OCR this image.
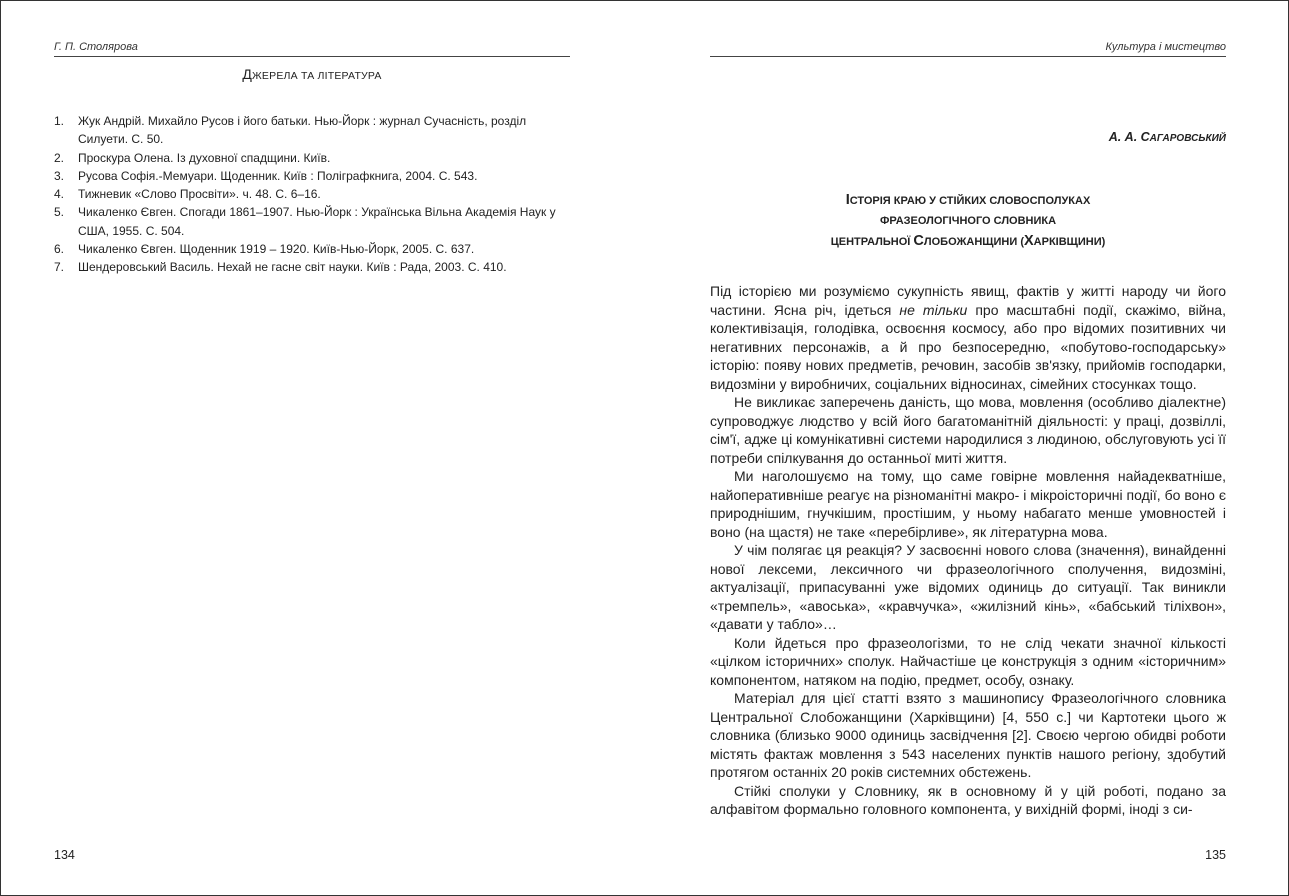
Г. П. Столярова
ДЖЕРЕЛА ТА ЛІТЕРАТУРА
1.	Жук Андрій. Михайло Русов і його батьки. Нью-Йорк : журнал Сучасність, розділ Силуети. С. 50.
2.	Проскура Олена. Із духовної спадщини. Київ.
3.	Русова Софія.-Мемуари. Щоденник. Київ : Поліграфкнига, 2004. С. 543.
4.	Тижневик «Слово Просвіти». ч. 48. С. 6–16.
5.	Чикаленко Євген. Спогади 1861–1907. Нью-Йорк : Українська Вільна Академія Наук у США, 1955. С. 504.
6.	Чикаленко Євген. Щоденник 1919 – 1920. Київ-Нью-Йорк, 2005. С. 637.
7.	Шендеровський Василь. Нехай не гасне світ науки. Київ : Рада, 2003. С. 410.
134
Культура і мистецтво
А. А. САГАРОВСЬКИЙ
ІСТОРІЯ КРАЮ У СТІЙКИХ СЛОВОСПОЛУКАХ
ФРАЗЕОЛОГІЧНОГО СЛОВНИКА
ЦЕНТРАЛЬНОЇ СЛОБОЖАНЩИНИ (ХАРКІВЩИНИ)

Під історією ми розуміємо сукупність явищ, фактів у житті народу чи його частини. Ясна річ, ідеться не тільки про масштабні події, скажімо, війна, колективізація, голодівка, освоєння космосу, або про відомих позитивних чи негативних персонажів, а й про безпосередню, «побутово-господарську» історію: появу нових предметів, речовин, засобів зв'язку, прийомів господарки, видозміни у виробничих, соціальних відносинах, сімейних стосунках тощо.

Не викликає заперечень даність, що мова, мовлення (особливо діалектне) супроводжує людство у всій його багатоманітній діяльності: у праці, дозвіллі, сім'ї, адже ці комунікативні системи народилися з людиною, обслуговують усі її потреби спілкування до останньої миті життя.

Ми наголошуємо на тому, що саме говірне мовлення найадекватніше, найоперативніше реагує на різноманітні макро- і мікроісторичні події, бо воно є природнішим, гнучкішим, простішим, у ньому набагато менше умовностей і воно (на щастя) не таке «перебірливе», як літературна мова.

У чім полягає ця реакція? У засвоєнні нового слова (значення), винайденні нової лексеми, лексичного чи фразеологічного сполучення, видозміні, актуалізації, припасуванні уже відомих одиниць до ситуації. Так виникли «тремпель», «авоська», «кравчучка», «жилізний кінь», «бабський тіліхвон», «давати у табло»…

Коли йдеться про фразеологізми, то не слід чекати значної кількості «цілком історичних» сполук. Найчастіше це конструкція з одним «історичним» компонентом, натяком на подію, предмет, особу, ознаку.

Матеріал для цієї статті взято з машинопису Фразеологічного словника Центральної Слобожанщини (Харківщини) [4, 550 с.] чи Картотеки цього ж словника (близько 9000 одиниць засвідчення [2]. Своєю чергою обидві роботи містять фактаж мовлення з 543 населених пунктів нашого регіону, здобутий протягом останніх 20 років системних обстежень.

Стійкі сполуки у Словнику, як в основному й у цій роботі, подано за алфавітом формально головного компонента, у вихідній формі, іноді з си-

135
